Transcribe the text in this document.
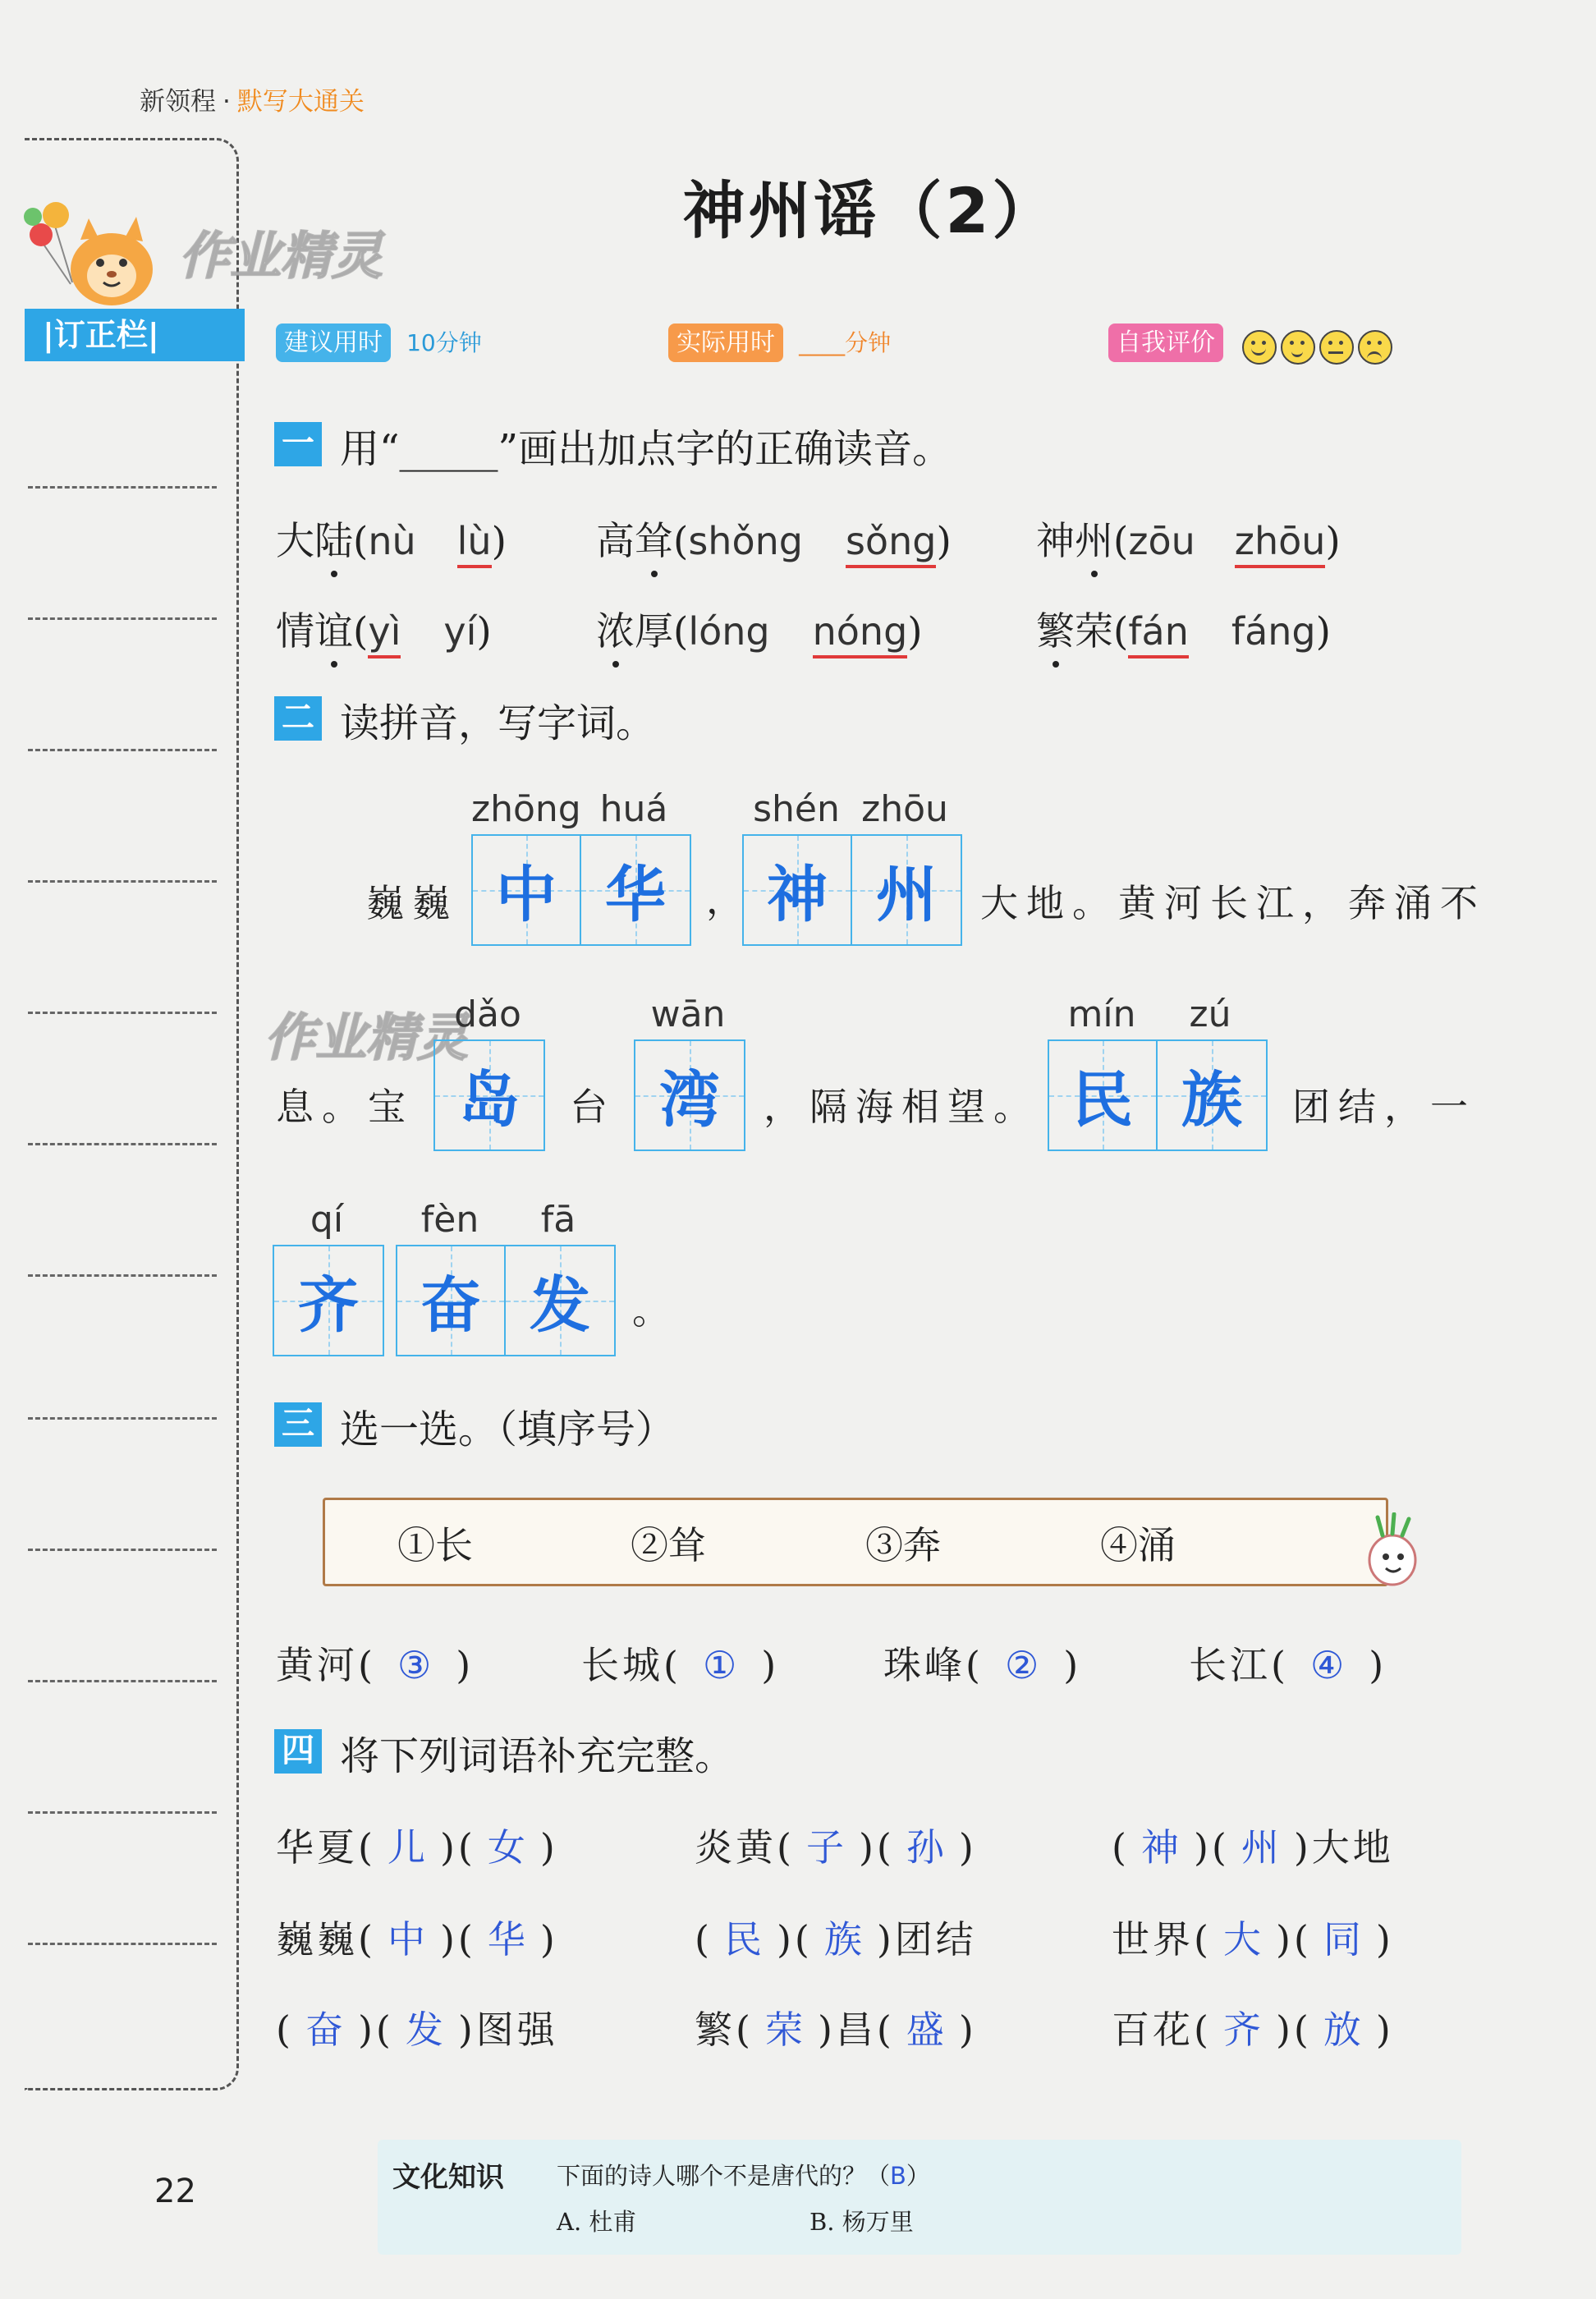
新领程 · 默写大通关
神州谣（2）
作业精灵
|订正栏|	建议用时 10分钟	实际用时 ____分钟	自我评价
一 用“_____”画出加点字的正确读音。
大陆(nù lù) 高耸(shǒng sǒng) 神州(zōu zhōu)
情谊(yì yí)	浓厚(lóng nóng)	繁荣(fán fáng)
二 读拼音，写字词。
zhōng huá	shén zhōu
巍巍 中 华 ， 神 州 大地。黄河长江，奔涌不
作业精灵
dǎo	wān	mín	zú
息。宝 岛 台 湾 ，隔海相望。 民 族 团结，一
qí	fèn	fā
齐 奋 发 。
三 选一选。（填序号）
①长	②耸	③奔	④涌
黄河( ③ )	长城( ① )	珠峰( ② )	长江( ④ )
四 将下列词语补充完整。
华夏( 儿 )( 女 )	炎黄( 子 )( 孙 )	( 神 )( 州 )大地
巍巍( 中 )( 华 )	( 民 )( 族 )团结	世界( 大 )( 同 )
( 奋 )( 发 )图强	繁( 荣 )昌( 盛 )	百花( 齐 )( 放 )
22	文化知识 下面的诗人哪个不是唐代的？（B）
A. 杜甫	B. 杨万里
